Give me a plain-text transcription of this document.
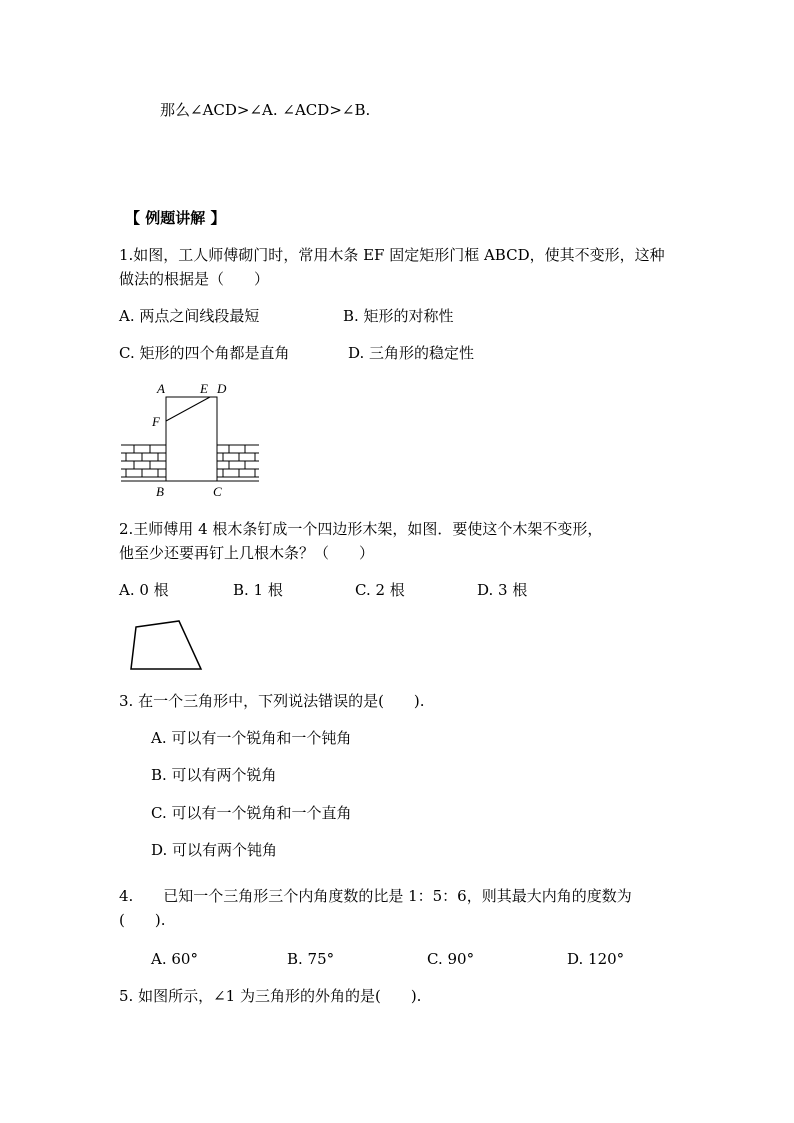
那么∠ACD>∠A. ∠ACD>∠B.
【 例题讲解 】
1.如图，工人师傅砌门时，常用木条 EF 固定矩形门框 ABCD，使其不变形，这种
做法的根据是（　　）
A. 两点之间线段最短	B. 矩形的对称性
C. 矩形的四个角都是直角	D. 三角形的稳定性
A	E D
F
B	C
2.王师傅用 4 根木条钉成一个四边形木架，如图．要使这个木架不变形，
他至少还要再钉上几根木条？（　　）
A. 0 根	B. 1 根	C. 2 根	D. 3 根
3. 在一个三角形中，下列说法错误的是(　　).
A. 可以有一个锐角和一个钝角
B. 可以有两个锐角
C. 可以有一个锐角和一个直角
D. 可以有两个钝角
4.　　已知一个三角形三个内角度数的比是 1：5：6，则其最大内角的度数为
(　　).
A. 60°	B. 75°	C. 90°	D. 120°
5. 如图所示，∠1 为三角形的外角的是(　　).
